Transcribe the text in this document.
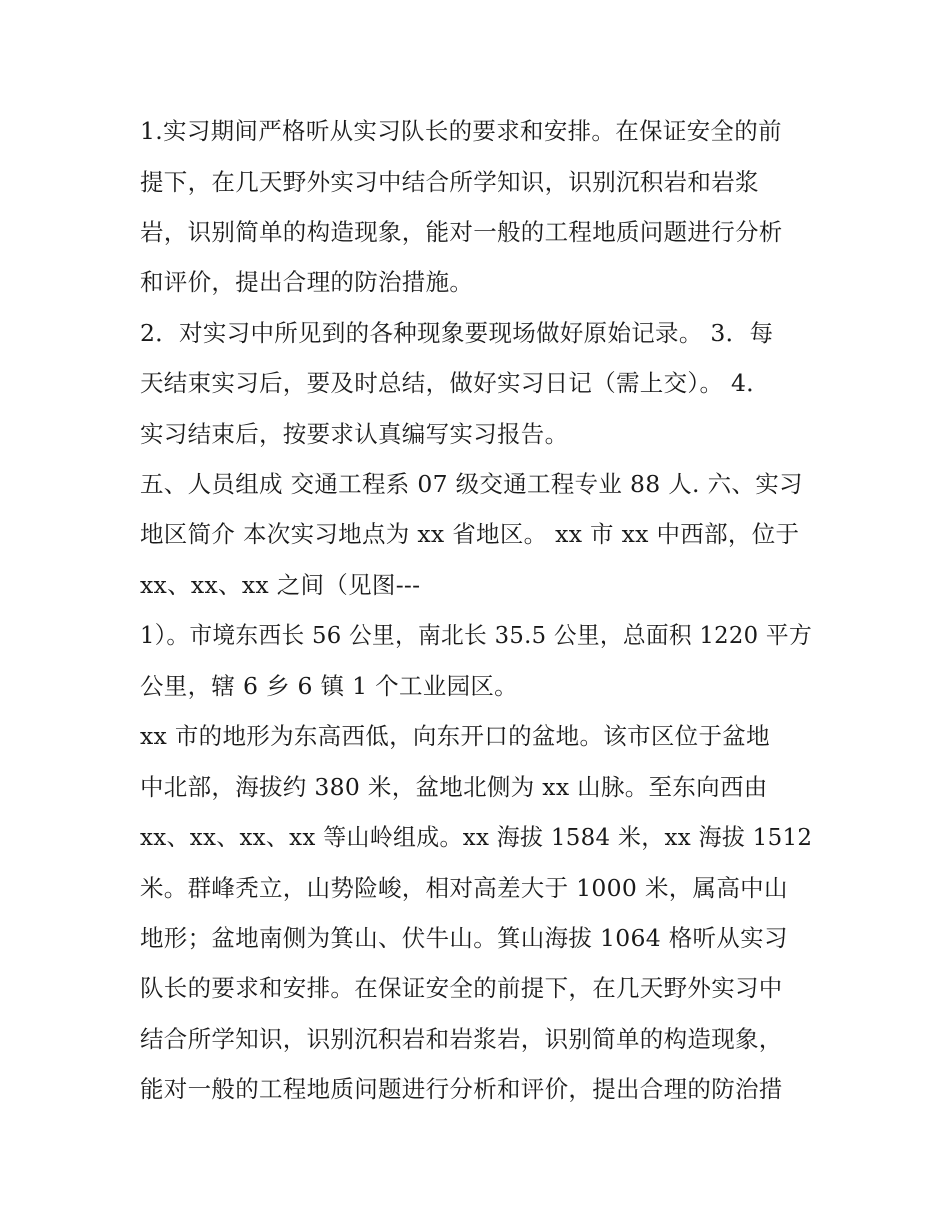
1.实习期间严格听从实习队长的要求和安排。在保证安全的前
提下，在几天野外实习中结合所学知识，识别沉积岩和岩浆
岩，识别简单的构造现象，能对一般的工程地质问题进行分析
和评价，提出合理的防治措施。
2．对实习中所见到的各种现象要现场做好原始记录。 3．每
天结束实习后，要及时总结，做好实习日记（需上交）。 4．
实习结束后，按要求认真编写实习报告。
五、人员组成 交通工程系 07 级交通工程专业 88 人. 六、实习
地区简介 本次实习地点为 xx 省地区。 xx 市 xx 中西部，位于
xx、xx、xx 之间（见图---
1）。市境东西长 56 公里，南北长 35.5 公里，总面积 1220 平方
公里，辖 6 乡 6 镇 1 个工业园区。
xx 市的地形为东高西低，向东开口的盆地。该市区位于盆地
中北部，海拔约 380 米，盆地北侧为 xx 山脉。至东向西由
xx、xx、xx、xx 等山岭组成。xx 海拔 1584 米，xx 海拔 1512
米。群峰秃立，山势险峻，相对高差大于 1000 米，属高中山
地形；盆地南侧为箕山、伏牛山。箕山海拔 1064 格听从实习
队长的要求和安排。在保证安全的前提下，在几天野外实习中
结合所学知识，识别沉积岩和岩浆岩，识别简单的构造现象，
能对一般的工程地质问题进行分析和评价，提出合理的防治措
